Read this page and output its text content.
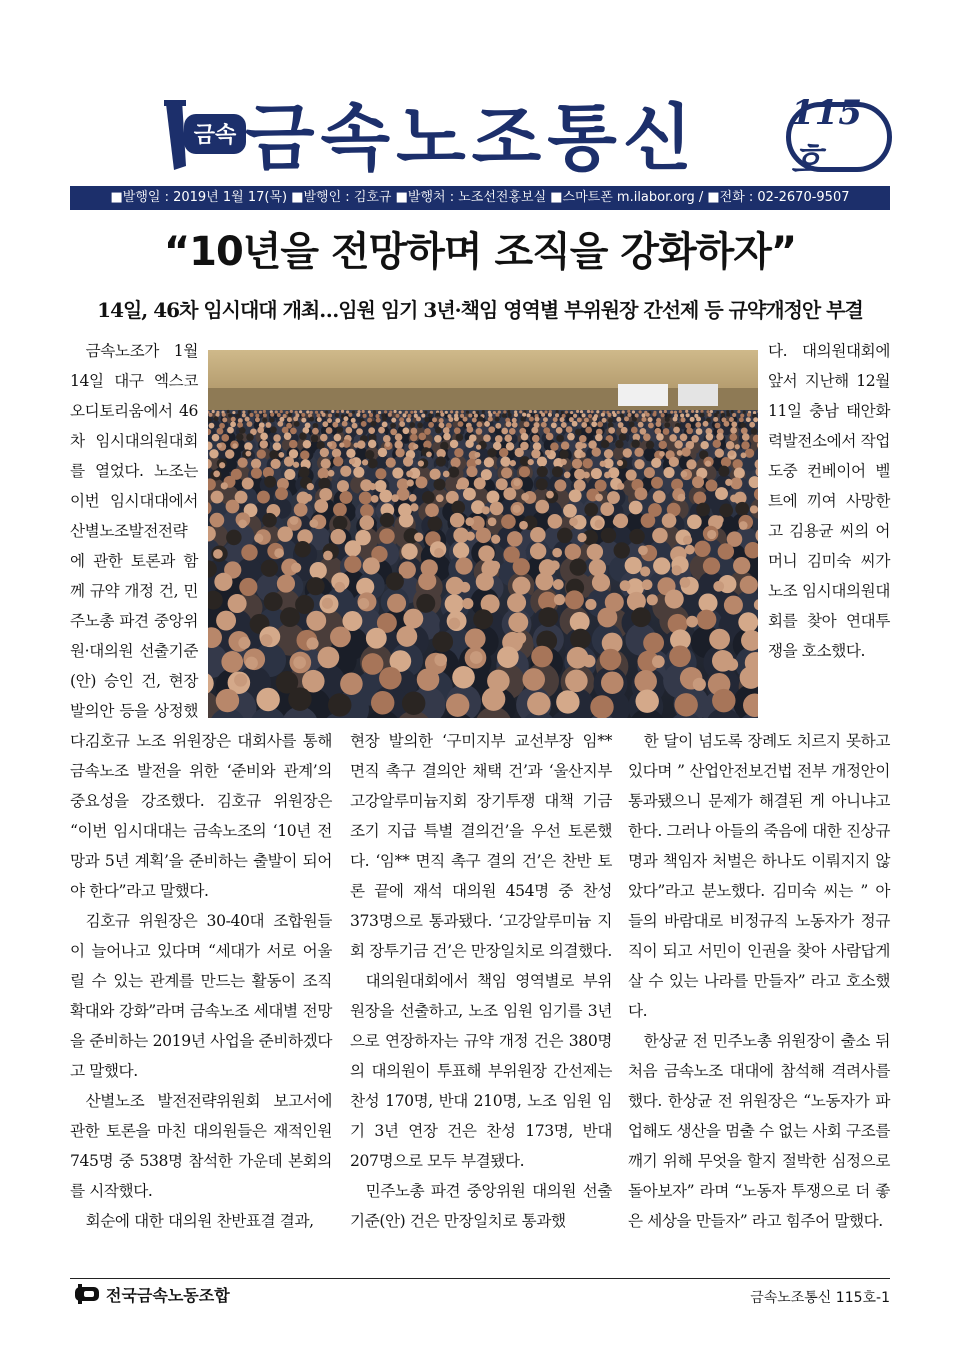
금속 금속노조통신	115호
■발행일 : 2019년 1월 17(목) ■발행인 : 김호규 ■발행처 : 노조선전홍보실 ■스마트폰 m.ilabor.org / ■전화 : 02-2670-9507
“10년을 전망하며 조직을 강화하자”
14일, 46차 임시대대 개최…임원 임기 3년·책임 영역별 부위원장 간선제 등 규약개정안 부결

금속노조가 1월 14일 대구 엑스코 오디토리움에서 46차 임시대의원대회를 열었다. 노조는 이번 임시대대에서 산별노조발전전략에 관한 토론과 함께 규약 개정 건, 민주노총 파견 중앙위원·대의원 선출기준(안) 승인 건, 현장 발의안 등을 상정했다.

다. 대의원대회에 앞서 지난해 12월 11일 충남 태안화력발전소에서 작업 도중 컨베이어 벨트에 끼여 사망한 고 김용균 씨의 어머니 김미숙 씨가 노조 임시대의원대회를 찾아 연대투쟁을 호소했다.

김호규 노조 위원장은 대회사를 통해 금속노조 발전을 위한 ‘준비와 관계’의 중요성을 강조했다. 김호규 위원장은 “이번 임시대대는 금속노조의 ‘10년 전망과 5년 계획’을 준비하는 출발이 되어야 한다”라고 말했다.

김호규 위원장은 30-40대 조합원들이 늘어나고 있다며 “세대가 서로 어울릴 수 있는 관계를 만드는 활동이 조직 확대와 강화”라며 금속노조 세대별 전망을 준비하는 2019년 사업을 준비하겠다고 말했다.

산별노조 발전전략위원회 보고서에 관한 토론을 마친 대의원들은 재적인원 745명 중 538명 참석한 가운데 본회의를 시작했다.

회순에 대한 대의원 찬반표결 결과,

현장 발의한 ‘구미지부 교선부장 임** 면직 촉구 결의안 채택 건’과 ‘울산지부 고강알루미늄지회 장기투쟁 대책 기금 조기 지급 특별 결의건’을 우선 토론했다. ‘임** 면직 촉구 결의 건’은 찬반 토론 끝에 재석 대의원 454명 중 찬성 373명으로 통과됐다. ‘고강알루미늄 지회 장투기금 건’은 만장일치로 의결했다.

대의원대회에서 책임 영역별로 부위원장을 선출하고, 노조 임원 임기를 3년으로 연장하자는 규약 개정 건은 380명의 대의원이 투표해 부위원장 간선제는 찬성 170명, 반대 210명, 노조 임원 임기 3년 연장 건은 찬성 173명, 반대 207명으로 모두 부결됐다.

민주노총 파견 중앙위원 대의원 선출 기준(안) 건은 만장일치로 통과했

한 달이 넘도록 장례도 치르지 못하고 있다며 ” 산업안전보건법 전부 개정안이 통과됐으니 문제가 해결된 게 아니냐고 한다. 그러나 아들의 죽음에 대한 진상규명과 책임자 처벌은 하나도 이뤄지지 않았다”라고 분노했다. 김미숙 씨는 ” 아들의 바람대로 비정규직 노동자가 정규직이 되고 서민이 인권을 찾아 사람답게 살 수 있는 나라를 만들자” 라고 호소했다.

한상균 전 민주노총 위원장이 출소 뒤 처음 금속노조 대대에 참석해 격려사를 했다. 한상균 전 위원장은 “노동자가 파업해도 생산을 멈출 수 없는 사회 구조를 깨기 위해 무엇을 할지 절박한 심정으로 돌아보자” 라며 “노동자 투쟁으로 더 좋은 세상을 만들자” 라고 힘주어 말했다.

전국금속노동조합	금속노조통신 115호-1
